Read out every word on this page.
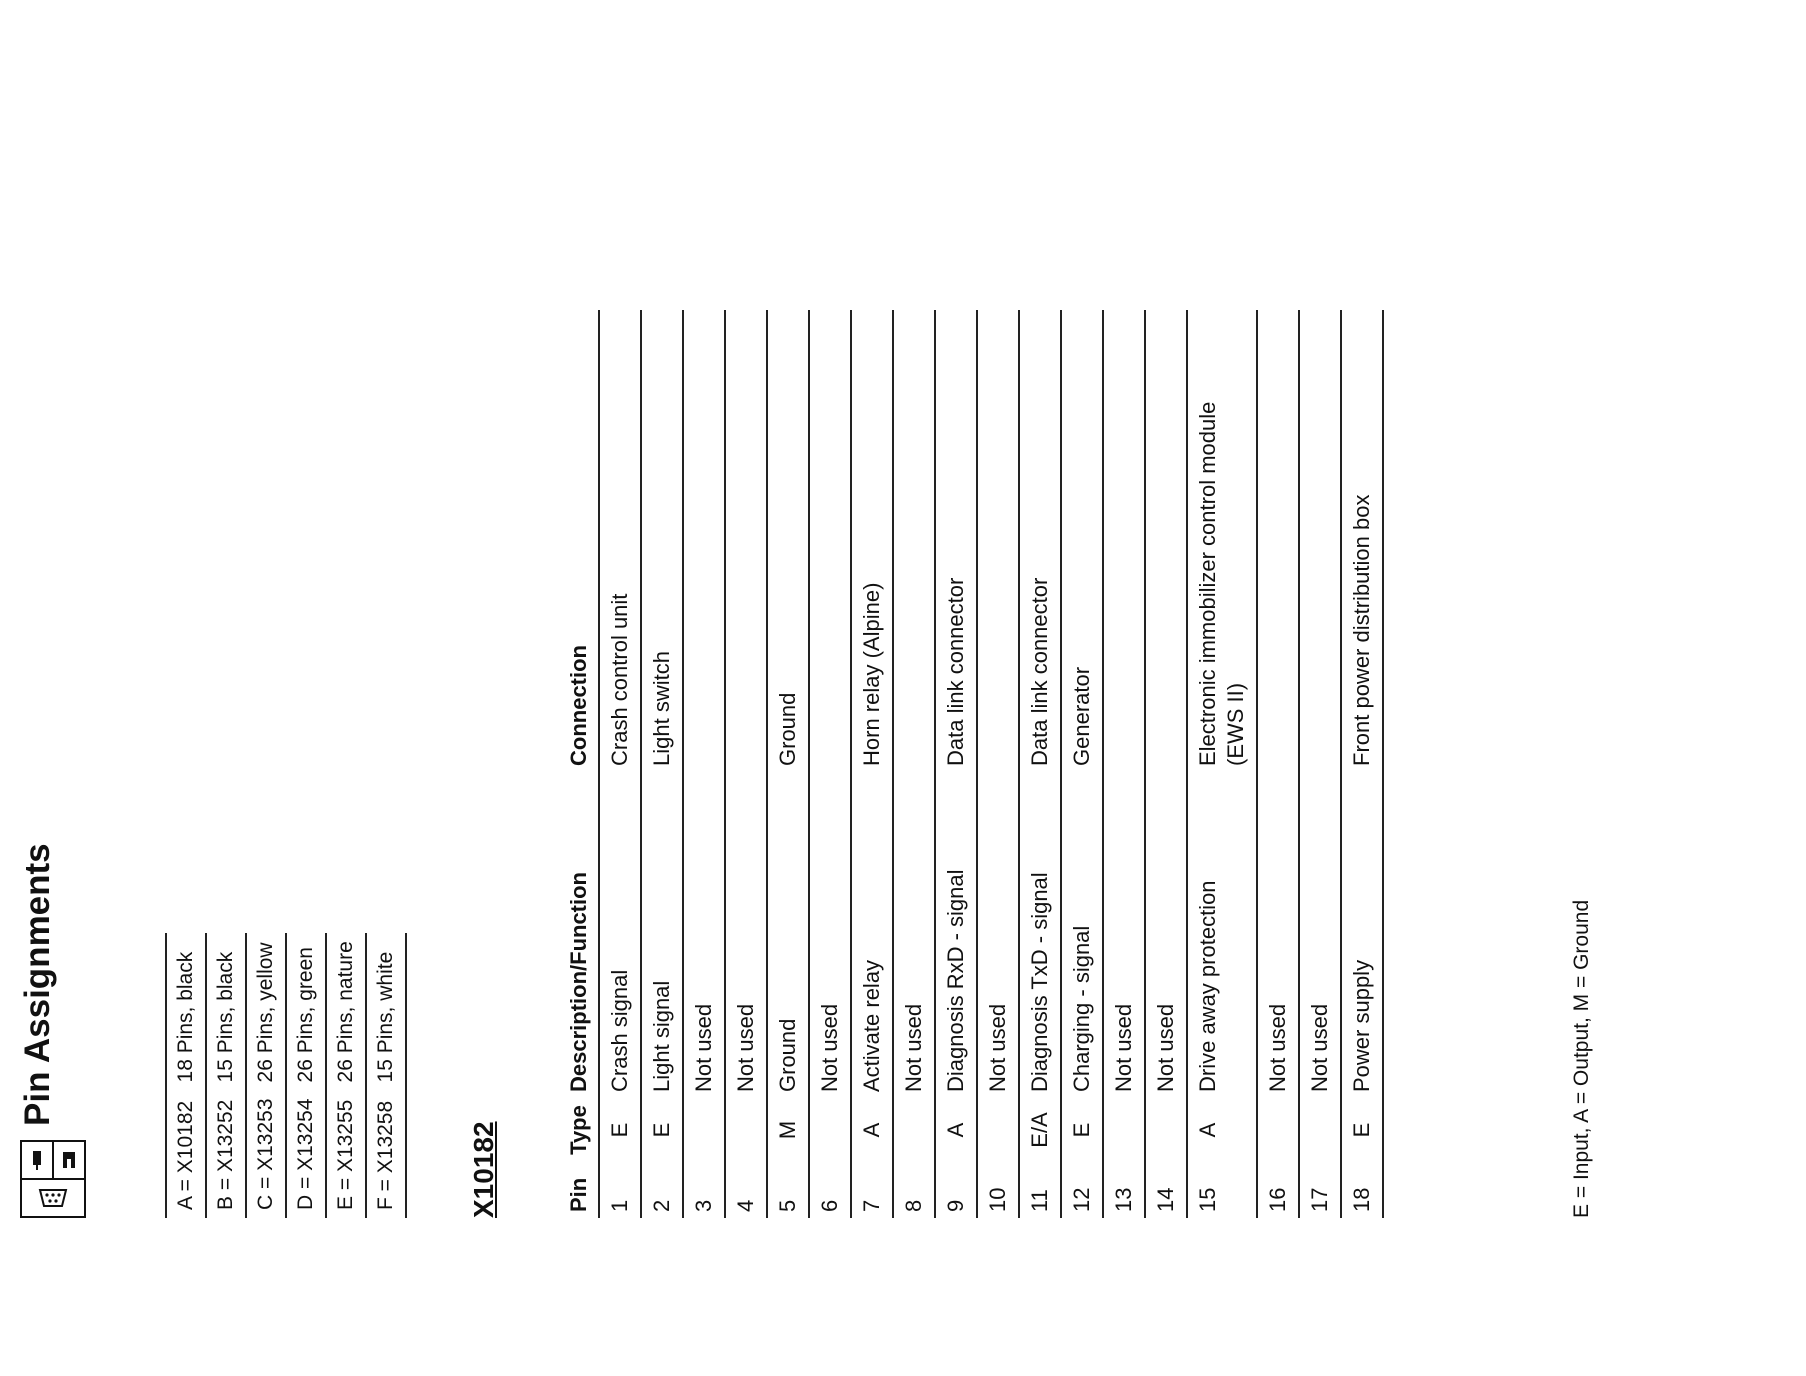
Pin Assignments
A = X10182	18 Pins, black
B = X13252	15 Pins, black
C = X13253	26 Pins, yellow
D = X13254	26 Pins, green
E = X13255	26 Pins, nature
F = X13258	15 Pins, white
X10182	Pin	Type	Description/Function	Connection
1	E	Crash signal	Crash control unit
2	E	Light signal	Light switch
3		Not used	
4		Not used	
5	M	Ground	Ground
6		Not used	
7	A	Activate relay	Horn relay (Alpine)
8		Not used	
9	A	Diagnosis RxD - signal	Data link connector
10		Not used	
11	E/A	Diagnosis TxD - signal	Data link connector
12	E	Charging - signal	Generator
13		Not used	
14		Not used	
15	A	Drive away protection	Electronic immobilizer control module
(EWS II)
16		Not used	
17		Not used	
18	E	Power supply	Front power distribution box
E = Input, A = Output, M = Ground
